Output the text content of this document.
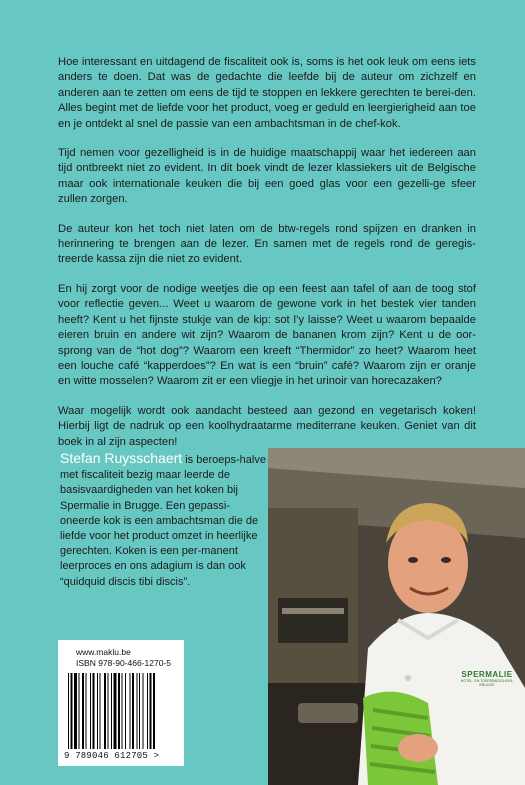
Hoe interessant en uitdagend de fiscaliteit ook is, soms is het ook leuk om eens iets anders te doen. Dat was de gedachte die leefde bij de auteur om zichzelf en anderen aan te zetten om eens de tijd te stoppen en lekkere gerechten te berei-den. Alles begint met de liefde voor het product, voeg er geduld en leergierigheid aan toe en je ontdekt al snel de passie van een ambachtsman in de chef-kok.

Tijd nemen voor gezelligheid is in de huidige maatschappij waar het iedereen aan tijd ontbreekt niet zo evident. In dit boek vindt de lezer klassiekers uit de Belgische maar ook internationale keuken die bij een goed glas voor een gezelli-ge sfeer zullen zorgen.

De auteur kon het toch niet laten om de btw-regels rond spijzen en dranken in herinnering te brengen aan de lezer. En samen met de regels rond de geregis-treerde kassa zijn die niet zo evident.

En hij zorgt voor de nodige weetjes die op een feest aan tafel of aan de toog stof voor reflectie geven... Weet u waarom de gewone vork in het bestek vier tanden heeft? Kent u het fijnste stukje van de kip: sot l’y laisse? Weet u waarom bepaalde eieren bruin en andere wit zijn? Waarom de bananen krom zijn? Kent u de oor-sprong van de “hot dog”? Waarom een kreeft “Thermidor” zo heet? Waarom heet een louche café “kapperdoes”? En wat is een “bruin” café? Waarom zijn er oranje en witte mosselen? Waarom zit er een vliegje in het urinoir van horecazaken?

Waar mogelijk wordt ook aandacht besteed aan gezond en vegetarisch koken! Hierbij ligt de nadruk op een koolhydraatarme mediterrane keuken. Geniet van dit boek in al zijn aspecten!

Stefan Ruysschaert is beroeps-halve met fiscaliteit bezig maar leerde de basisvaardigheden van het koken bij Spermalie in Brugge. Een gepassi-oneerde kok is een ambachtsman die de liefde voor het product omzet in heerlijke gerechten. Koken is een per-manent leerproces en ons adagium is dan ook “quidquid discis tibi discis”.
SPERMALIE
HOTEL- EN TOERISMESCHOOL BRUGGE
www.maklu.be
ISBN 978-90-466-1270-5
9 789046 612705 >
